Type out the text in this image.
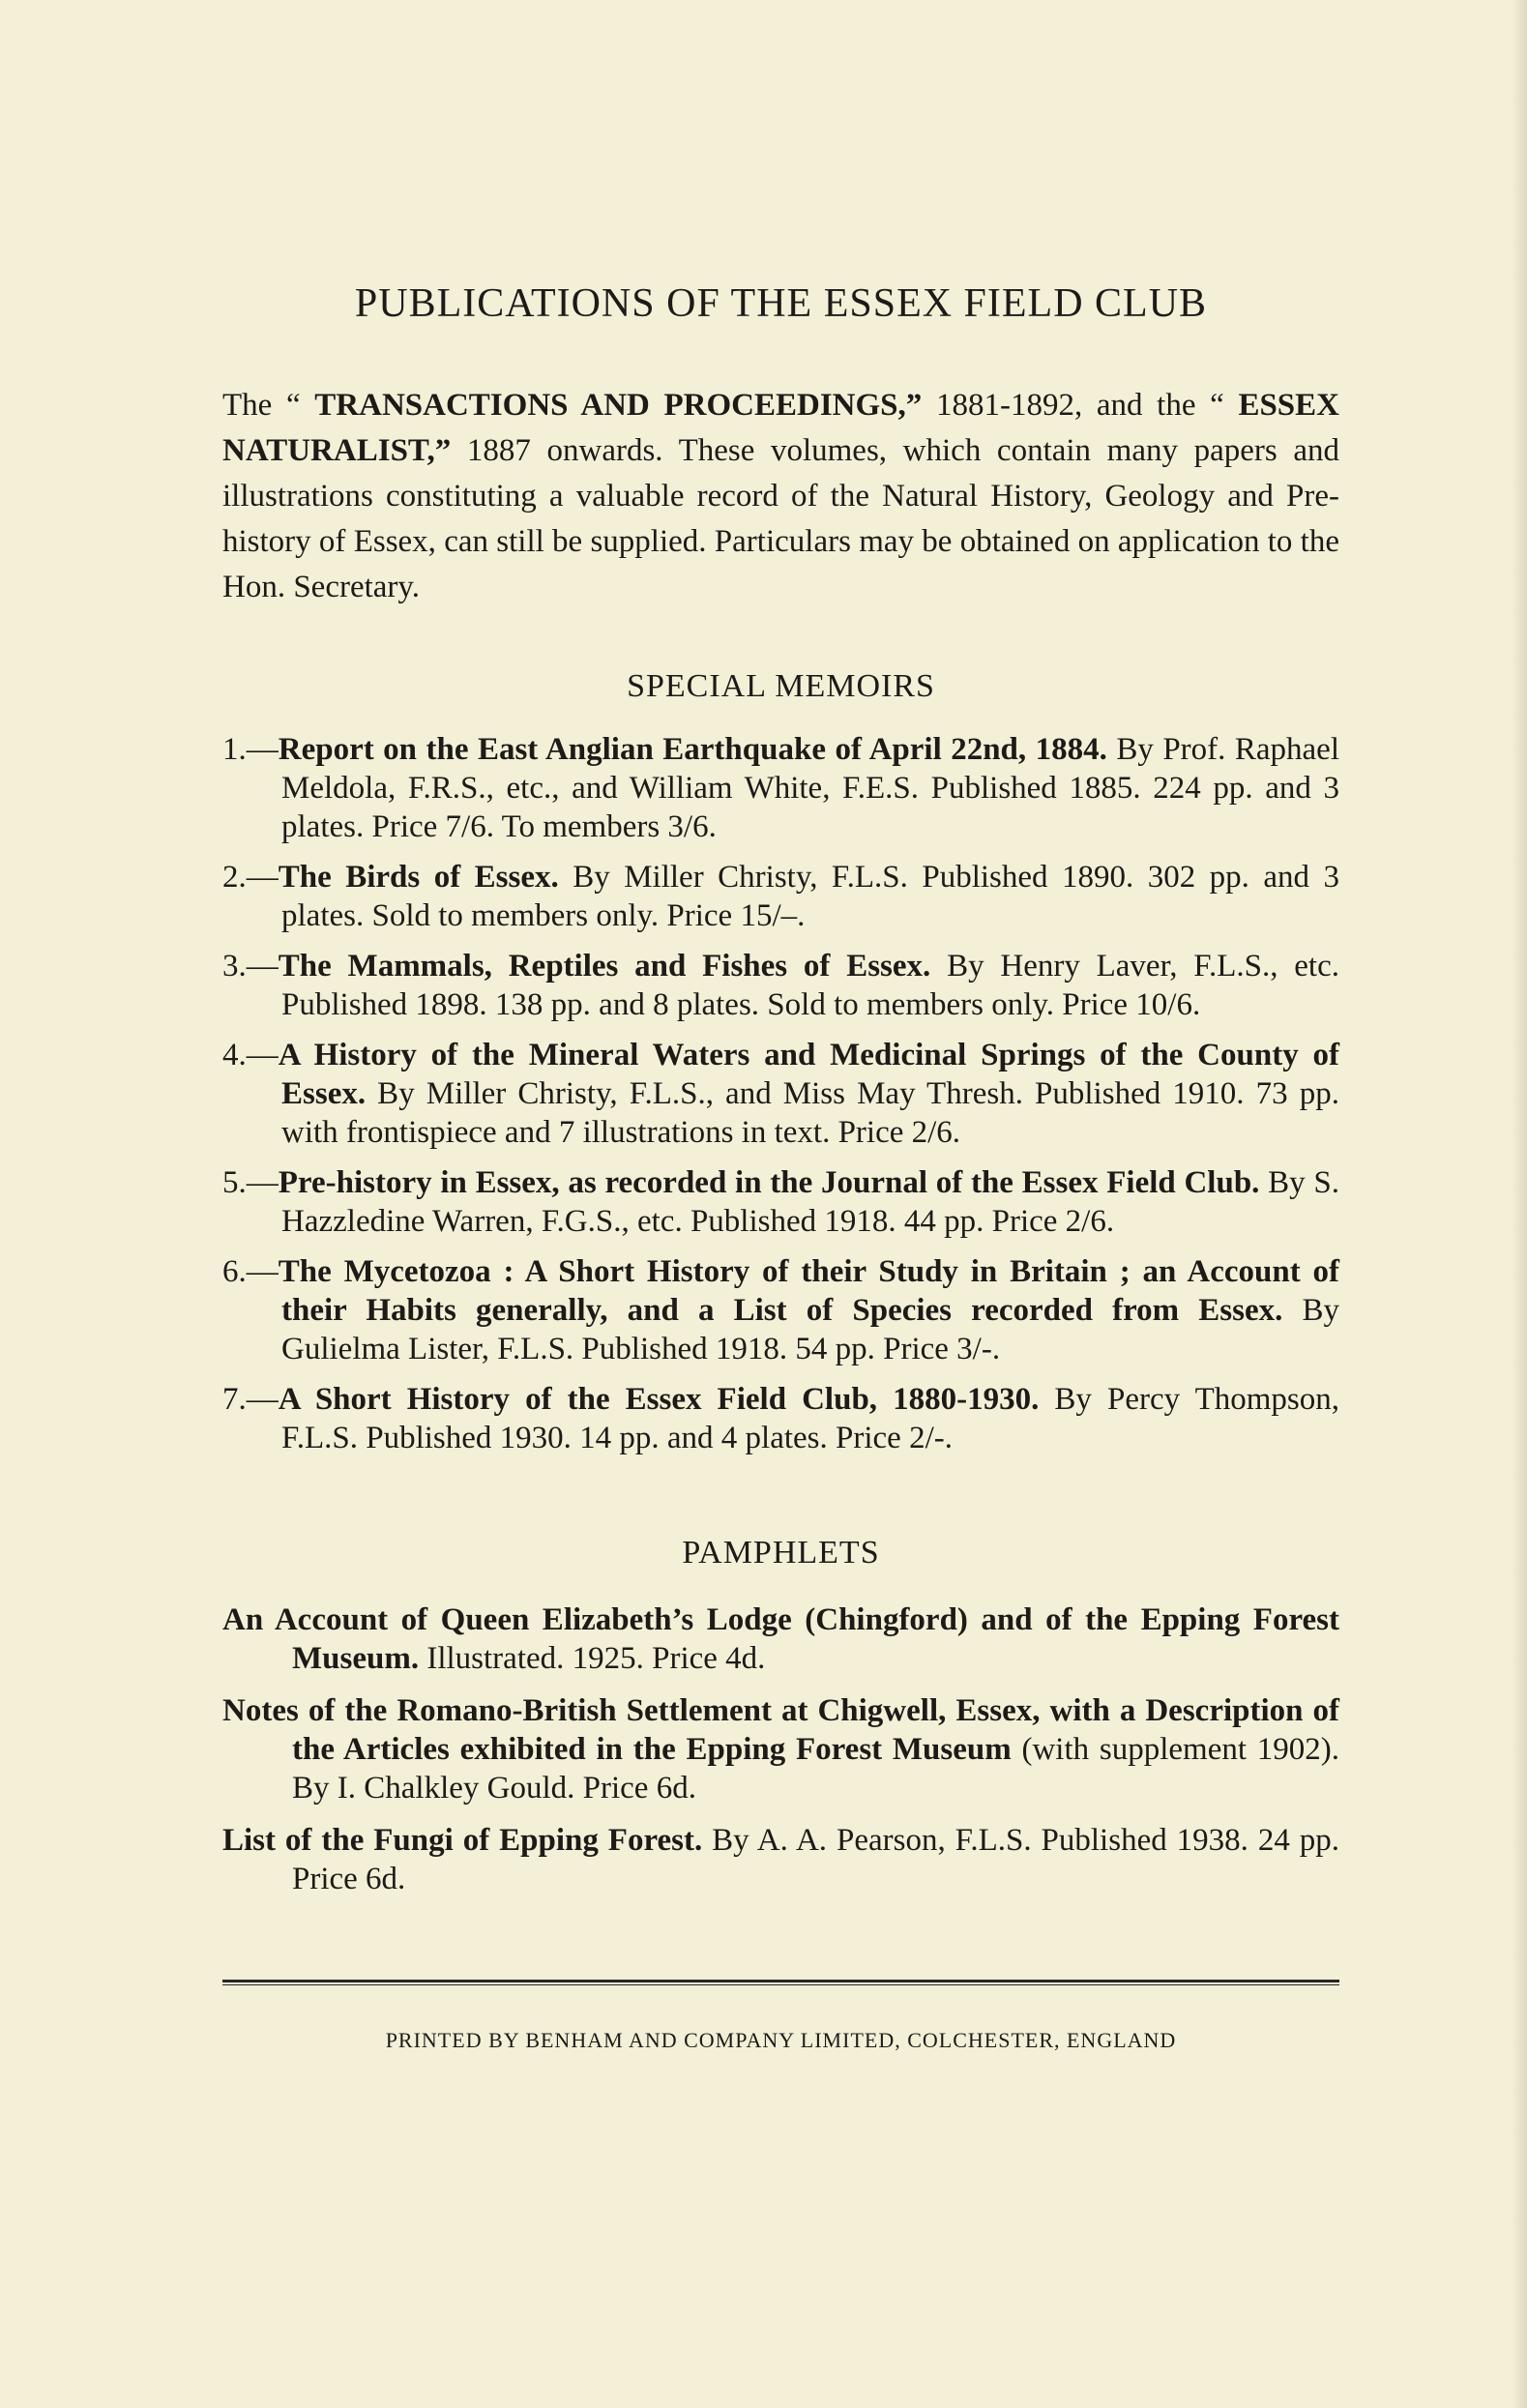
PUBLICATIONS OF THE ESSEX FIELD CLUB

The “ TRANSACTIONS AND PROCEEDINGS,” 1881-1892, and the “ ESSEX NATURALIST,” 1887 onwards. These volumes, which contain many papers and illustrations constituting a valuable record of the Natural History, Geology and Pre-history of Essex, can still be supplied. Particulars may be obtained on application to the Hon. Secretary.

SPECIAL MEMOIRS

1.—Report on the East Anglian Earthquake of April 22nd, 1884. By Prof. Raphael Meldola, F.R.S., etc., and William White, F.E.S. Published 1885. 224 pp. and 3 plates. Price 7/6. To members 3/6.

2.—The Birds of Essex. By Miller Christy, F.L.S. Published 1890. 302 pp. and 3 plates. Sold to members only. Price 15/–.

3.—The Mammals, Reptiles and Fishes of Essex. By Henry Laver, F.L.S., etc. Published 1898. 138 pp. and 8 plates. Sold to members only. Price 10/6.

4.—A History of the Mineral Waters and Medicinal Springs of the County of Essex. By Miller Christy, F.L.S., and Miss May Thresh. Published 1910. 73 pp. with frontispiece and 7 illustrations in text. Price 2/6.

5.—Pre-history in Essex, as recorded in the Journal of the Essex Field Club. By S. Hazzledine Warren, F.G.S., etc. Published 1918. 44 pp. Price 2/6.

6.—The Mycetozoa : A Short History of their Study in Britain ; an Account of their Habits generally, and a List of Species recorded from Essex. By Gulielma Lister, F.L.S. Published 1918. 54 pp. Price 3/-.

7.—A Short History of the Essex Field Club, 1880-1930. By Percy Thompson, F.L.S. Published 1930. 14 pp. and 4 plates. Price 2/-.

PAMPHLETS

An Account of Queen Elizabeth’s Lodge (Chingford) and of the Epping Forest Museum. Illustrated. 1925. Price 4d.

Notes of the Romano-British Settlement at Chigwell, Essex, with a Description of the Articles exhibited in the Epping Forest Museum (with supplement 1902). By I. Chalkley Gould. Price 6d.

List of the Fungi of Epping Forest. By A. A. Pearson, F.L.S. Published 1938. 24 pp. Price 6d.

PRINTED BY BENHAM AND COMPANY LIMITED, COLCHESTER, ENGLAND
